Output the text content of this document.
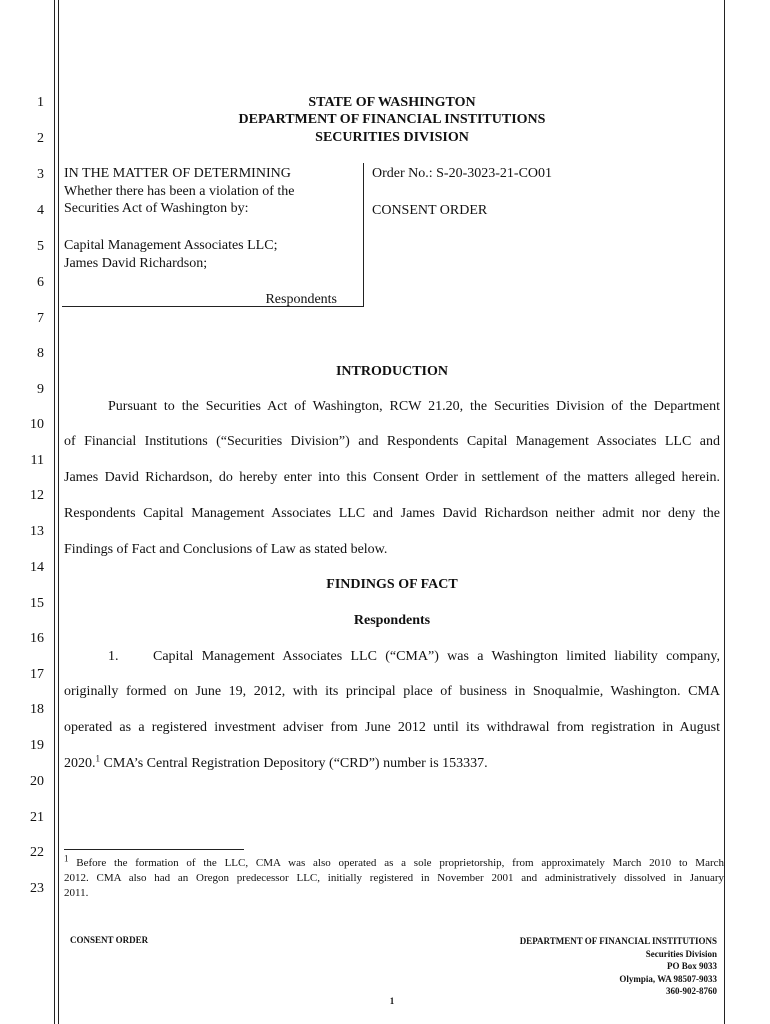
1
2
3
4
5
6
7
8
9
10
11
12
13
14
15
16
17
18
19
20
21
22
23
STATE OF WASHINGTON
DEPARTMENT OF FINANCIAL INSTITUTIONS
SECURITIES DIVISION
IN THE MATTER OF DETERMINING
Whether there has been a violation of the
Securities Act of Washington by:
Capital Management Associates LLC;
James David Richardson;
Respondents
Order No.: S-20-3023-21-CO01
CONSENT ORDER
INTRODUCTION
Pursuant to the Securities Act of Washington, RCW 21.20, the Securities Division of the Department
of Financial Institutions (“Securities Division”) and Respondents Capital Management Associates LLC and
James David Richardson, do hereby enter into this Consent Order in settlement of the matters alleged herein.
Respondents Capital Management Associates LLC and James David Richardson neither admit nor deny the
Findings of Fact and Conclusions of Law as stated below.
FINDINGS OF FACT
Respondents
1.	Capital Management Associates LLC (“CMA”) was a Washington limited liability company,
originally formed on June 19, 2012, with its principal place of business in Snoqualmie, Washington. CMA
operated as a registered investment adviser from June 2012 until its withdrawal from registration in August
2020.$^1$ CMA’s Central Registration Depository (“CRD”) number is 153337.
$^1$ Before the formation of the LLC, CMA was also operated as a sole proprietorship, from approximately March 2010 to March
2012. CMA also had an Oregon predecessor LLC, initially registered in November 2001 and administratively dissolved in January
2011.
CONSENT ORDER	DEPARTMENT OF FINANCIAL INSTITUTIONS
Securities Division
PO Box 9033
Olympia, WA 98507-9033
360-902-8760
1
